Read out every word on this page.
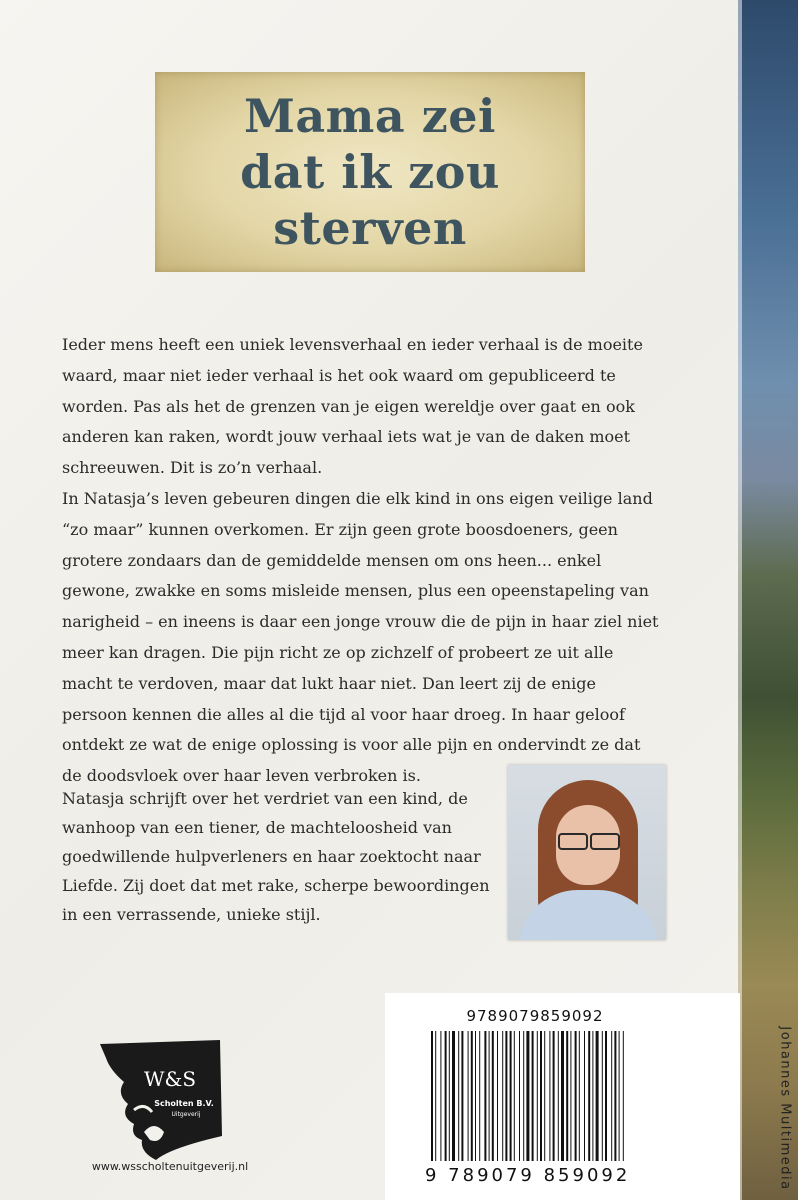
Mama zei
dat ik zou
sterven

Ieder mens heeft een uniek levensverhaal en ieder verhaal is de moeite waard, maar niet ieder verhaal is het ook waard om gepubliceerd te worden. Pas als het de grenzen van je eigen wereldje over gaat en ook anderen kan raken, wordt jouw verhaal iets wat je van de daken moet schreeuwen. Dit is zo’n verhaal.

In Natasja’s leven gebeuren dingen die elk kind in ons eigen veilige land “zo maar” kunnen overkomen. Er zijn geen grote boosdoeners, geen grotere zondaars dan de gemiddelde mensen om ons heen... enkel gewone, zwakke en soms misleide mensen, plus een opeenstapeling van narigheid – en ineens is daar een jonge vrouw die de pijn in haar ziel niet meer kan dragen. Die pijn richt ze op zichzelf of probeert ze uit alle macht te verdoven, maar dat lukt haar niet. Dan leert zij de enige persoon kennen die alles al die tijd al voor haar droeg. In haar geloof ontdekt ze wat de enige oplossing is voor alle pijn en ondervindt ze dat de doodsvloek over haar leven verbroken is.

Natasja schrijft over het verdriet van een kind, de wanhoop van een tiener, de machteloosheid van goedwillende hulpverleners en haar zoektocht naar Liefde. Zij doet dat met rake, scherpe bewoordingen in een verrassende, unieke stijl.
W&S
Scholten B.V.
Uitgeverij
www.wsscholtenuitgeverij.nl
9789079859092
9 789079 859092	Johannes Multimedia
